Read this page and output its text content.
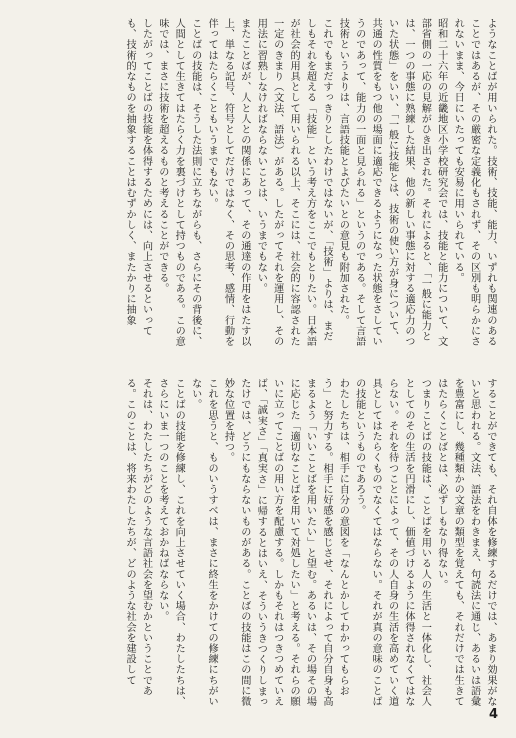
ようなことばが用いられた。技術、技能、能力、いずれも関連のあることではあるが、その厳密な定義化もされず、その区別も明らかにされないまま、今日にいたっても安易に用いられている。

昭和二十六年の近畿地区小学校研究会では、技能と能力について、文部省側の一応の見解がひき出された。それによると、「一般に能力とは、一つの事態に熟練した結果、他の新しい事態に対する適応力のついた状態」をいい、「一般に技能とは、技術の使い方が身について、共通の性質をもつ他の場面に適応できるようになった状態をさしていうのであって、能力の一面と見られる」というのである。そして言語技術というよりは、言語技能とよびたいとの意見も附加された。

これでもまだすっきりとしたわけではないが、「技術」よりは、まだしもそれを超える「技能」という考え方をここでもとりたい。日本語が社会的用具として用いられる以上、そこには、社会的に容認された一定のきまり（文法、語法）がある。したがってそれを運用し、その用法に習熟しなければならないことは、いうまでもない。

またことばが、人と人との関係にあって、その通達の作用をはたす以上、単なる記号、符号としてだけではなく、その思考、感情、行動を伴ってはたらくこともいうまでもない。

ことばの技能は、そうした法則に立ちながらも、さらにその背後に、人間として生きてはたらく力を裏づけとして持つものである。この意味では、まさに技術を超えるものと考えることができる。

したがってことばの技能を体得するためには、向上させるといっても、技術的なものを抽象することはむずかしく、またかりに抽象

することができても、それ自体を修練するだけでは、あまり効果がないと思われる。文法、語法をわきまえ、句読法に通じ、あるいは語彙を豊富にし、幾種類かの文章の類型を覚えても、それだけでは生きてはたらくことばとは、必ずしもなり得ない。

つまりことばの技能は、ことばを用いる人の生活と一体化し、社会人としてのその生活を円滑にし、価値づけるように体得されなくてはならない。それを待つことによって、その人自身の生活を高めていく道具としてはたらくものでなくてはならない。それが真の意味のことばの技能というものであろう。

わたしたちは、相手に自分の意図を「なんとかしてわかってもらおう」と努力する。相手に好感を感じさせ、それによって自分自身も高まるよう「いいことばを用いたい」と望む。あるいは、その場その場に応じた「適切なことばを用いて対処したい」と考える。それらの願いに立ってことばの用い方を配慮する。しかもそれはつきつめていえば、「誠実さ」「真実さ」に帰するとはいえ、そういうきつくりしまったけでは、どうにもならないものがある。ことばの技能はこの間に微妙な位置を持つ。

これを思うと、ものいうすべは、まさに終生をかけての修練にちがいない。

ことばの技能を修練し、これを向上させていく場合、わたしたちは、さらにいま一つのことを考えておかねばならない。

それは、わたしたちがどのような言語社会を望むかということである。このことは、将来わたしたちが、どのような社会を建設して

4
